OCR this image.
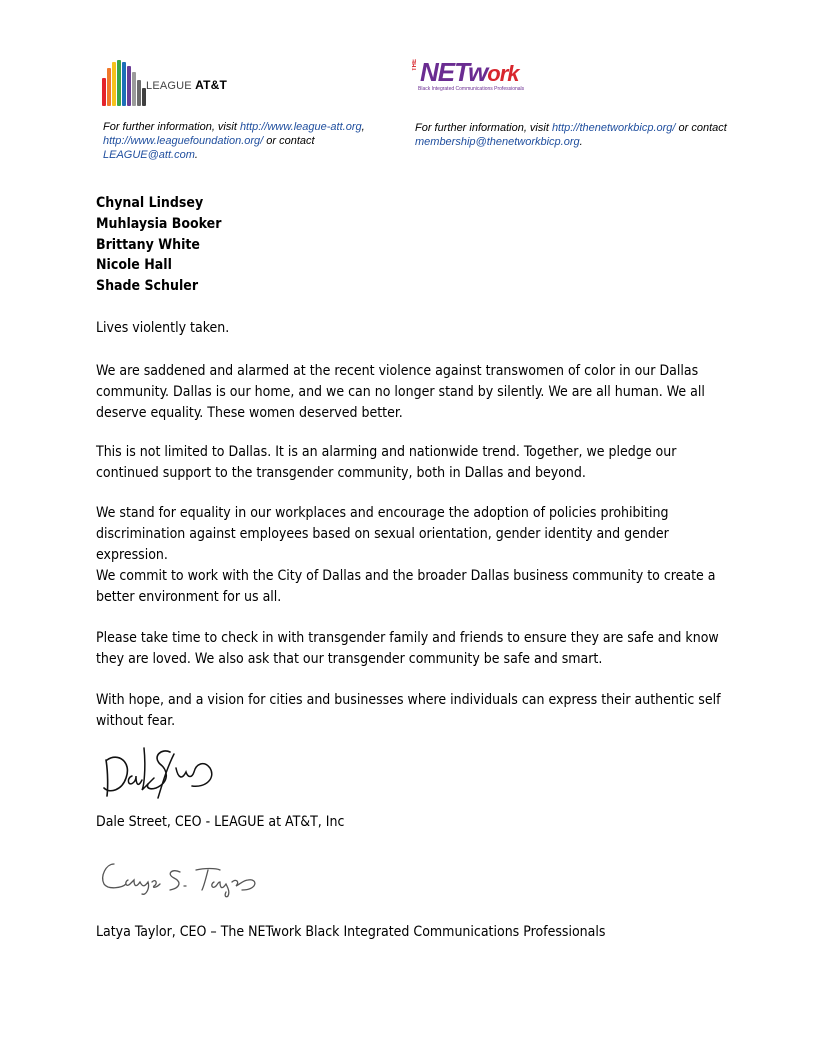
LEAGUE AT&T
THE NETwork
Black Integrated Communications Professionals
For further information, visit http://www.league-att.org, http://www.leaguefoundation.org/ or contact LEAGUE@att.com.
For further information, visit http://thenetworkbicp.org/ or contact membership@thenetworkbicp.org.
Chynal Lindsey
Muhlaysia Booker
Brittany White
Nicole Hall
Shade Schuler
Lives violently taken.
We are saddened and alarmed at the recent violence against transwomen of color in our Dallas community. Dallas is our home, and we can no longer stand by silently. We are all human. We all deserve equality. These women deserved better.
This is not limited to Dallas. It is an alarming and nationwide trend. Together, we pledge our continued support to the transgender community, both in Dallas and beyond.
We stand for equality in our workplaces and encourage the adoption of policies prohibiting discrimination against employees based on sexual orientation, gender identity and gender expression.
We commit to work with the City of Dallas and the broader Dallas business community to create a better environment for us all.
Please take time to check in with transgender family and friends to ensure they are safe and know they are loved. We also ask that our transgender community be safe and smart.
With hope, and a vision for cities and businesses where individuals can express their authentic self without fear.
Dale Street, CEO - LEAGUE at AT&T, Inc
Latya Taylor, CEO – The NETwork Black Integrated Communications Professionals
